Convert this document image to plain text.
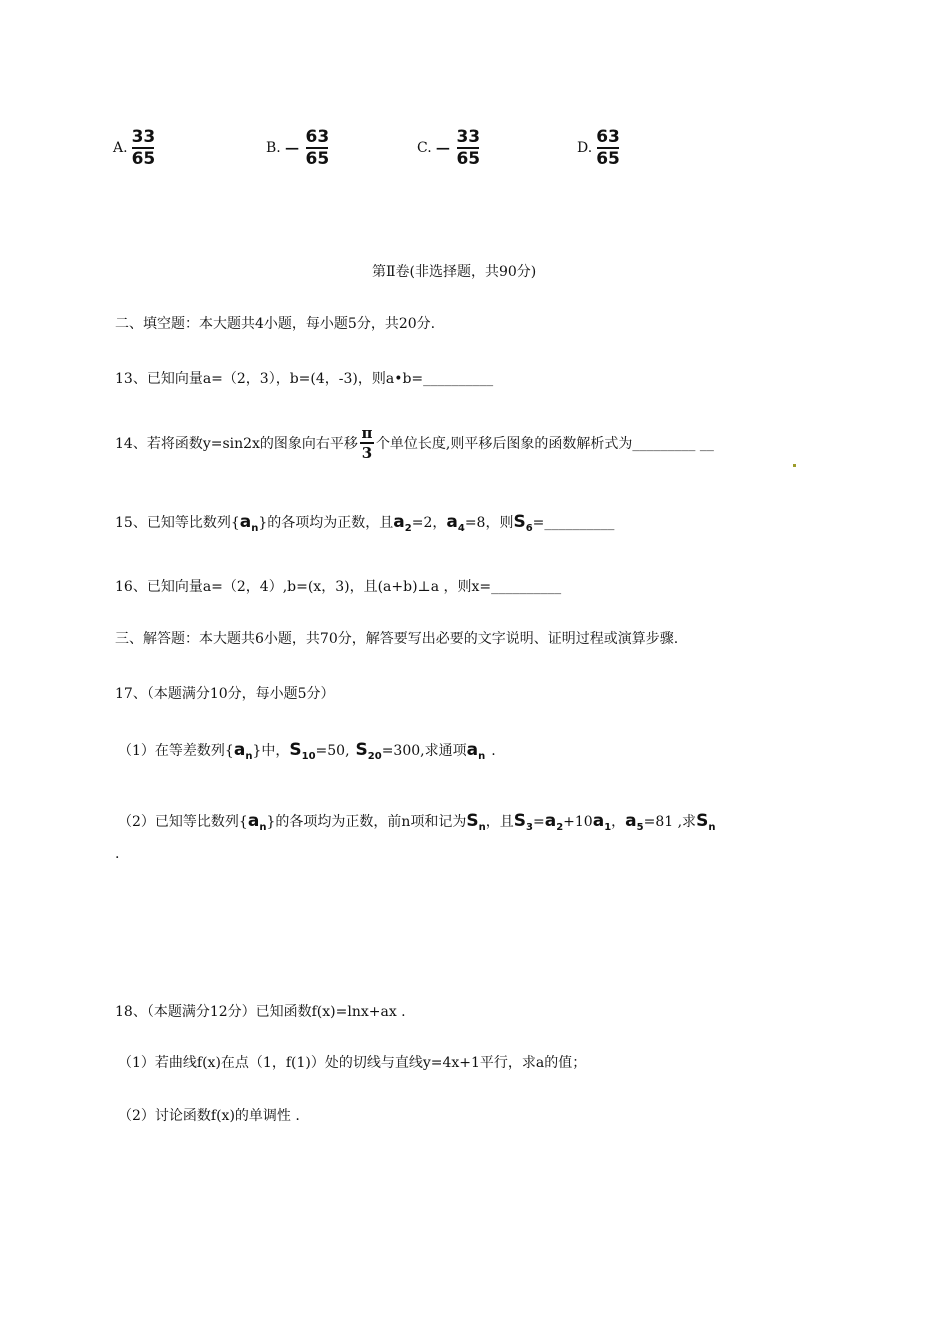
A. $\frac{33}{65}$	B. − $\frac{63}{65}$	C. − $\frac{33}{65}$	D. $\frac{63}{65}$
第Ⅱ卷(非选择题，共90分)
二、填空题：本大题共4小题，每小题5分，共20分.
13、已知向量a=（2，3），b=(4，-3)，则a•b=__________
14、若将函数y=sin2x的图象向右平移
π
3 个单位长度,则平移后图象的函数解析式为_________ __
15、已知等比数列$\{a_n\}$的各项均为正数，且$a_2=2$，$a_4=8$，则$S_6=\_\_\_\_\_\_\_\_\_\_$
16、已知向量a=（2，4）,b=(x，3)，且(a+b)⊥a ，则x=__________
三、解答题：本大题共6小题，共70分，解答要写出必要的文字说明、证明过程或演算步骤.
17、（本题满分10分，每小题5分）
（1）在等差数列$\{a_n\}$中，$S_{10}=50$, $S_{20}=300$,求通项$a_n$ .
（2）已知等比数列$\{a_n\}$的各项均为正数，前n项和记为$S_n$，且$S_3=a_2+10a_1$，$a_5=81$ ,求$S_n$
.
18、（本题满分12分）已知函数f(x)=lnx+ax .
（1）若曲线f(x)在点（1，f(1)）处的切线与直线y=4x+1平行，求a的值；
（2）讨论函数f(x)的单调性 .
